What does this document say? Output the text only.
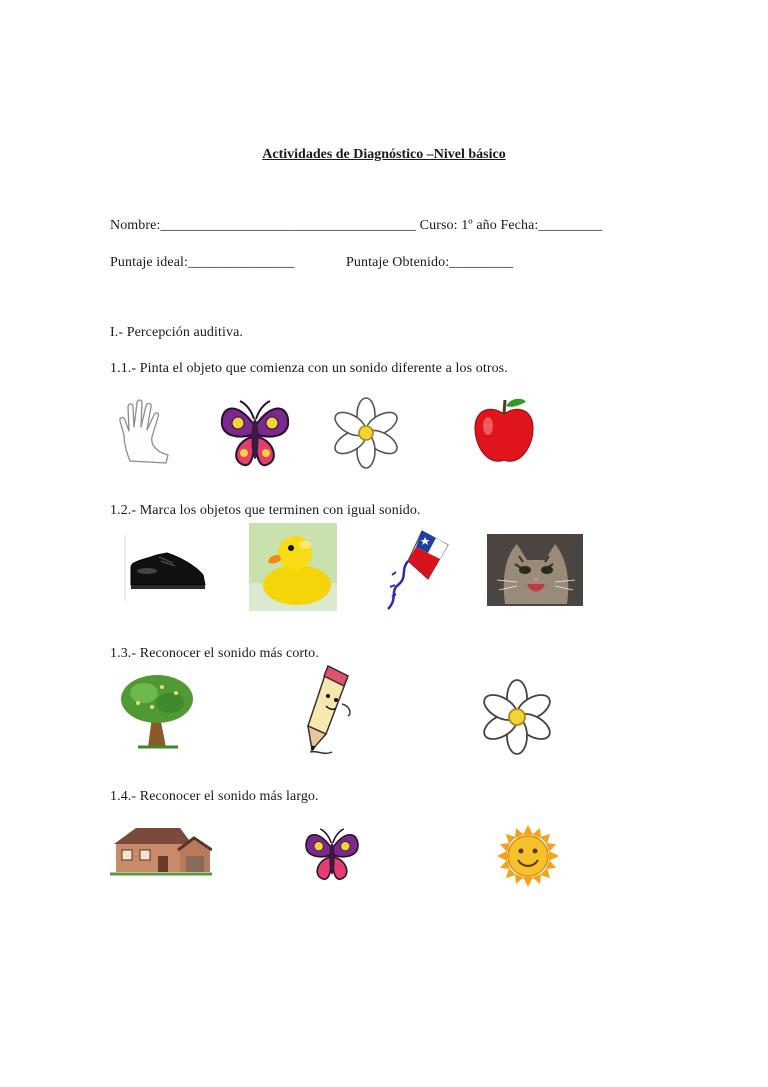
Actividades de Diagnóstico –Nivel básico
Nombre:____________________________________ Curso: 1º año Fecha:_________
Puntaje ideal:_______________	Puntaje Obtenido:_________
I.- Percepción auditiva.
1.1.- Pinta el objeto que comienza con un sonido diferente a los otros.
1.2.- Marca los objetos que terminen con igual sonido.
1.3.- Reconocer el sonido más corto.
1.4.- Reconocer el sonido más largo.
